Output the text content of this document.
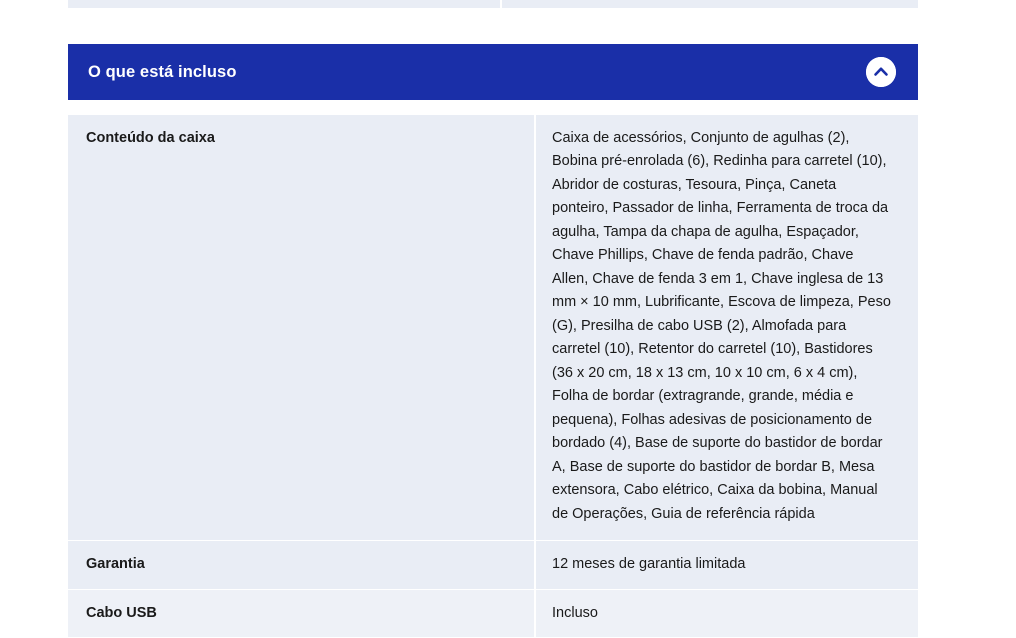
O que está incluso
Conteúdo da caixa	Caixa de acessórios, Conjunto de agulhas (2), Bobina pré-enrolada (6), Redinha para carretel (10), Abridor de costuras, Tesoura, Pinça, Caneta ponteiro, Passador de linha, Ferramenta de troca da agulha, Tampa da chapa de agulha, Espaçador, Chave Phillips, Chave de fenda padrão, Chave Allen, Chave de fenda 3 em 1, Chave inglesa de 13 mm × 10 mm, Lubrificante, Escova de limpeza, Peso (G), Presilha de cabo USB (2), Almofada para carretel (10), Retentor do carretel (10), Bastidores (36 x 20 cm, 18 x 13 cm, 10 x 10 cm, 6 x 4 cm), Folha de bordar (extragrande, grande, média e pequena), Folhas adesivas de posicionamento de bordado (4), Base de suporte do bastidor de bordar A, Base de suporte do bastidor de bordar B, Mesa extensora, Cabo elétrico, Caixa da bobina, Manual de Operações, Guia de referência rápida
Garantia	12 meses de garantia limitada
Cabo USB	Incluso
